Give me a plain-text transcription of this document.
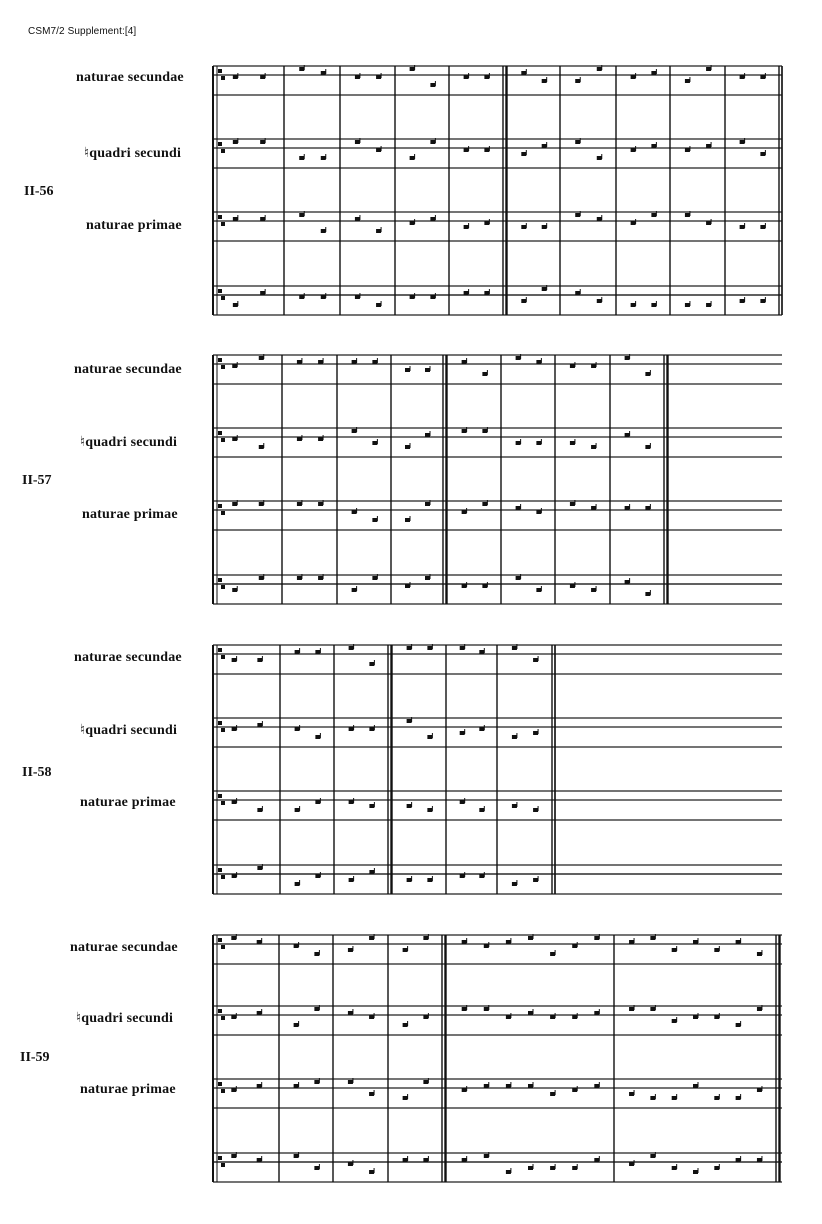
CSM7/2 Supplement:[4]
naturae secundae
♮quadri secundi
II-56
naturae primae
naturae secundae
♮quadri secundi
II-57
naturae primae
naturae secundae
♮quadri secundi
II-58
naturae primae
naturae secundae
♮quadri secundi
II-59
naturae primae
